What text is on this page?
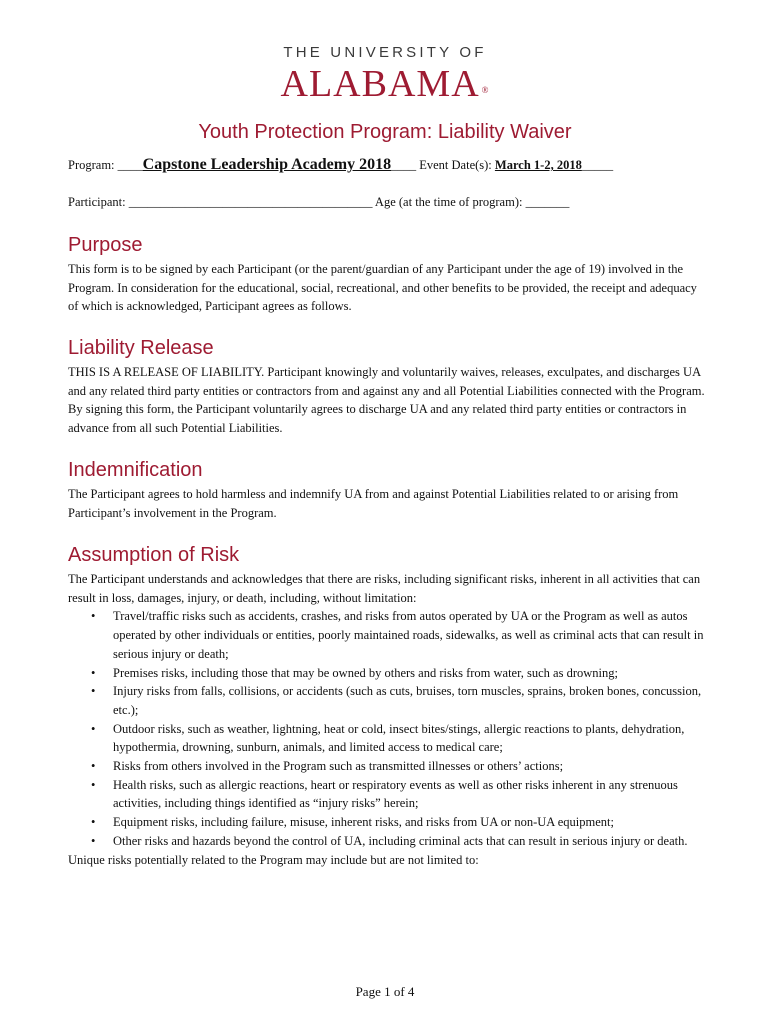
THE UNIVERSITY OF
ALABAMA ®
Youth Protection Program: Liability Waiver
Program: ____Capstone Leadership Academy 2018____ Event Date(s): March 1-2, 2018_____
Participant: _______________________________________ Age (at the time of program): _______
Purpose

This form is to be signed by each Participant (or the parent/guardian of any Participant under the age of 19) involved in the Program. In consideration for the educational, social, recreational, and other benefits to be provided, the receipt and adequacy of which is acknowledged, Participant agrees as follows.

Liability Release

THIS IS A RELEASE OF LIABILITY. Participant knowingly and voluntarily waives, releases, exculpates, and discharges UA and any related third party entities or contractors from and against any and all Potential Liabilities connected with the Program. By signing this form, the Participant voluntarily agrees to discharge UA and any related third party entities or contractors in advance from all such Potential Liabilities.

Indemnification

The Participant agrees to hold harmless and indemnify UA from and against Potential Liabilities related to or arising from Participant’s involvement in the Program.

Assumption of Risk

The Participant understands and acknowledges that there are risks, including significant risks, inherent in all activities that can result in loss, damages, injury, or death, including, without limitation:

• Travel/traffic risks such as accidents, crashes, and risks from autos operated by UA or the Program as well as autos operated by other individuals or entities, poorly maintained roads, sidewalks, as well as criminal acts that can result in serious injury or death;
• Premises risks, including those that may be owned by others and risks from water, such as drowning;
• Injury risks from falls, collisions, or accidents (such as cuts, bruises, torn muscles, sprains, broken bones, concussion, etc.);
• Outdoor risks, such as weather, lightning, heat or cold, insect bites/stings, allergic reactions to plants, dehydration, hypothermia, drowning, sunburn, animals, and limited access to medical care;
• Risks from others involved in the Program such as transmitted illnesses or others’ actions;
• Health risks, such as allergic reactions, heart or respiratory events as well as other risks inherent in any strenuous activities, including things identified as “injury risks” herein;
• Equipment risks, including failure, misuse, inherent risks, and risks from UA or non-UA equipment;
• Other risks and hazards beyond the control of UA, including criminal acts that can result in serious injury or death.

Unique risks potentially related to the Program may include but are not limited to:

Page 1 of 4
